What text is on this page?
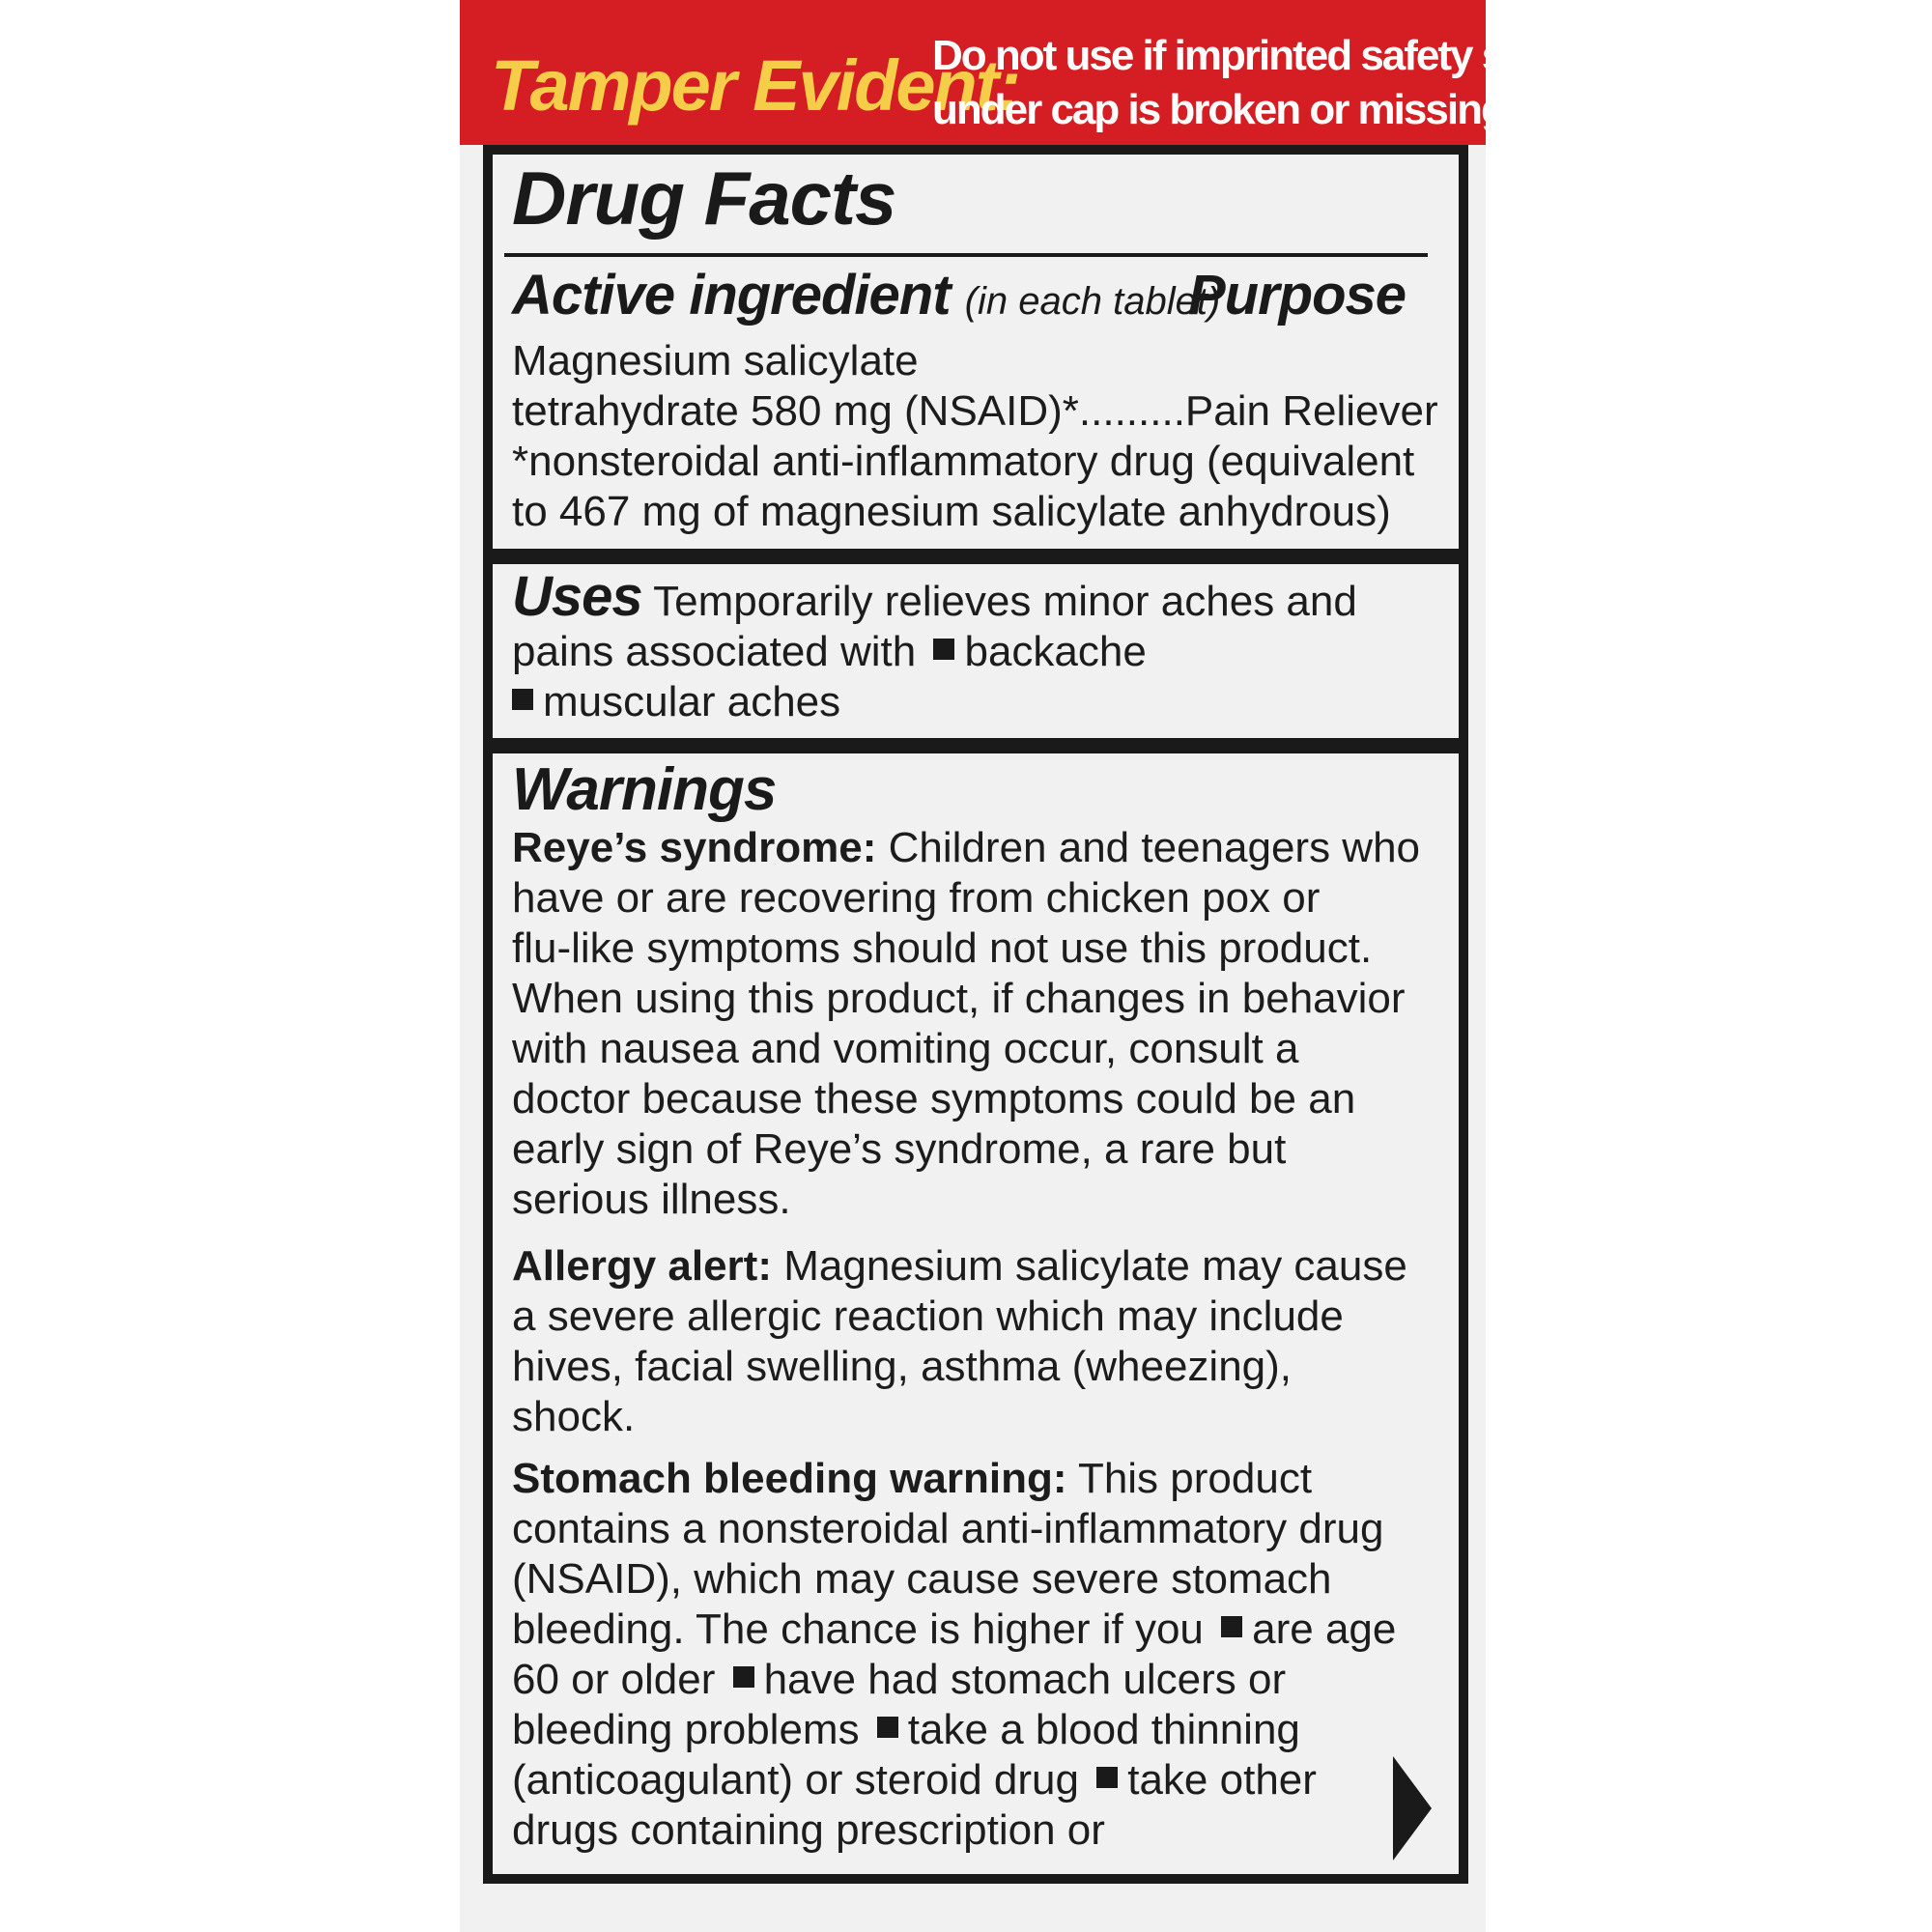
Tamper Evident:
Do not use if imprinted safety seal
under cap is broken or missing.
Drug Facts
Active ingredient (in each tablet)
Purpose
Magnesium salicylate
tetrahydrate 580 mg (NSAID)*.........Pain Reliever
*nonsteroidal anti-inflammatory drug (equivalent
to 467 mg of magnesium salicylate anhydrous)
Uses Temporarily relieves minor aches and
pains associated with backache
muscular aches
Warnings
Reye’s syndrome: Children and teenagers who
have or are recovering from chicken pox or
flu-like symptoms should not use this product.
When using this product, if changes in behavior
with nausea and vomiting occur, consult a
doctor because these symptoms could be an
early sign of Reye’s syndrome, a rare but
serious illness.
Allergy alert: Magnesium salicylate may cause
a severe allergic reaction which may include
hives, facial swelling, asthma (wheezing),
shock.
Stomach bleeding warning: This product
contains a nonsteroidal anti-inflammatory drug
(NSAID), which may cause severe stomach
bleeding. The chance is higher if you are age
60 or older have had stomach ulcers or
bleeding problems take a blood thinning
(anticoagulant) or steroid drug take other
drugs containing prescription or
